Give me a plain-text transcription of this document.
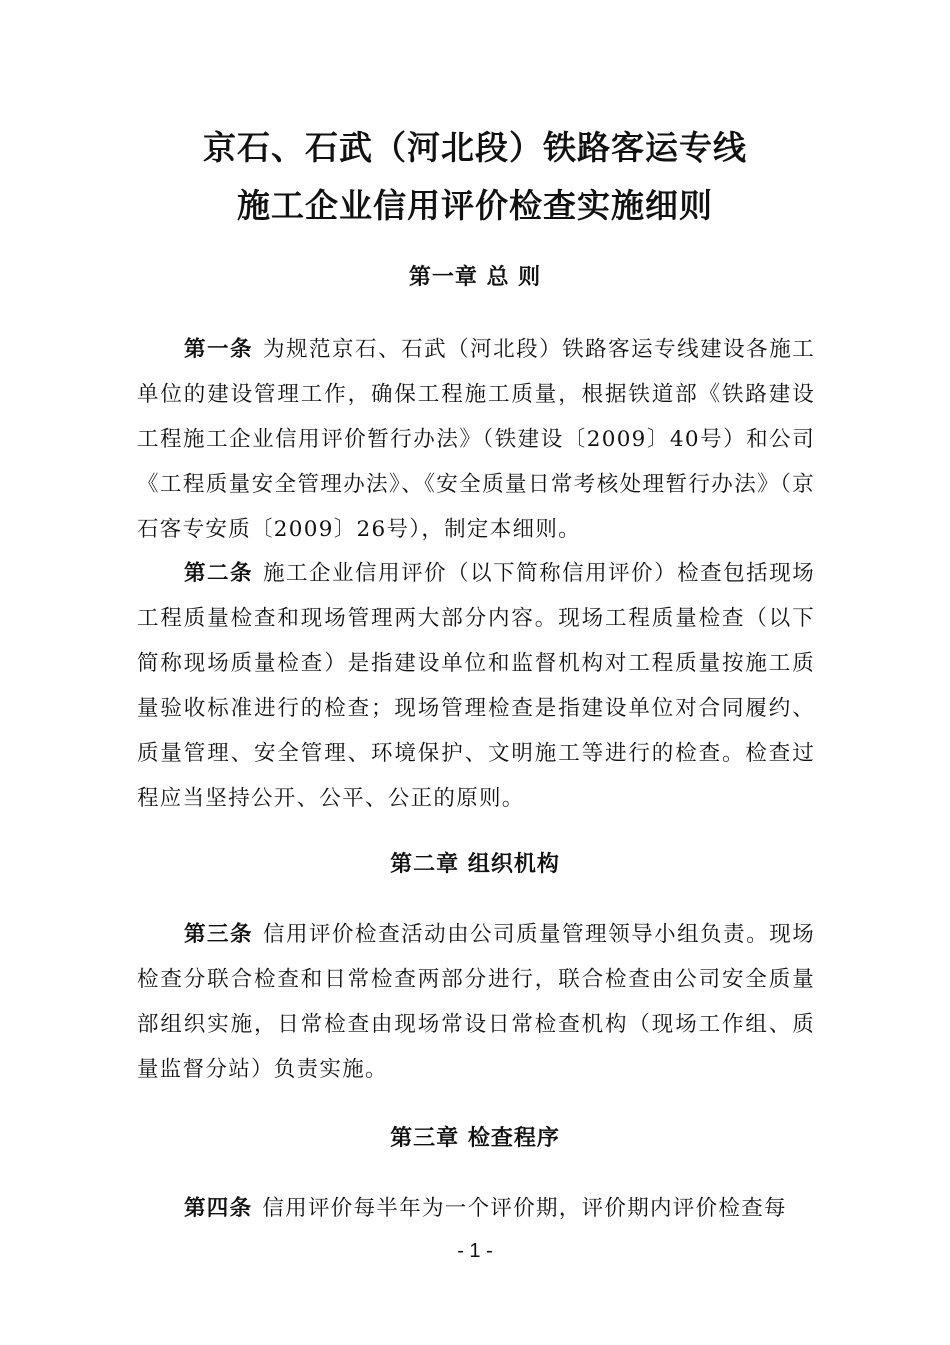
京石、石武（河北段）铁路客运专线
施工企业信用评价检查实施细则
第一章 总 则
第一条 为规范京石、石武（河北段）铁路客运专线建设各施工单位的建设管理工作，确保工程施工质量，根据铁道部《铁路建设工程施工企业信用评价暂行办法》（铁建设〔2009〕40号）和公司《工程质量安全管理办法》、《安全质量日常考核处理暂行办法》（京石客专安质〔2009〕26号），制定本细则。
第二条 施工企业信用评价（以下简称信用评价）检查包括现场工程质量检查和现场管理两大部分内容。现场工程质量检查（以下简称现场质量检查）是指建设单位和监督机构对工程质量按施工质量验收标准进行的检查；现场管理检查是指建设单位对合同履约、质量管理、安全管理、环境保护、文明施工等进行的检查。检查过程应当坚持公开、公平、公正的原则。
第二章 组织机构
第三条 信用评价检查活动由公司质量管理领导小组负责。现场检查分联合检查和日常检查两部分进行，联合检查由公司安全质量部组织实施，日常检查由现场常设日常检查机构（现场工作组、质量监督分站）负责实施。
第三章 检查程序
第四条 信用评价每半年为一个评价期，评价期内评价检查每
- 1 -
